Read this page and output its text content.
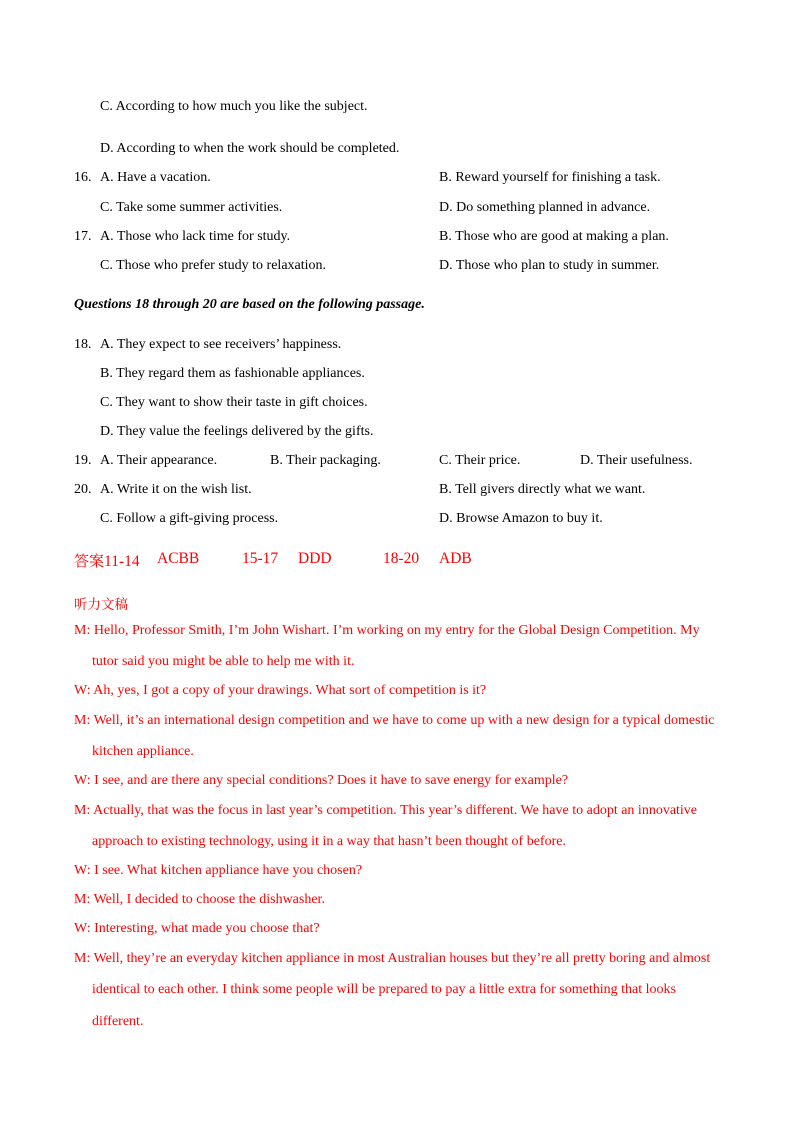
C. According to how much you like the subject.
D. According to when the work should be completed.
16. A. Have a vacation.	B. Reward yourself for finishing a task.
C. Take some summer activities.	D. Do something planned in advance.
17. A. Those who lack time for study.	B. Those who are good at making a plan.
C. Those who prefer study to relaxation.	D. Those who plan to study in summer.
Questions 18 through 20 are based on the following passage.
18. A. They expect to see receivers’ happiness.
B. They regard them as fashionable appliances.
C. They want to show their taste in gift choices.
D. They value the feelings delivered by the gifts.
19. A. Their appearance.	B. Their packaging.	C. Their price.	D. Their usefulness.
20. A. Write it on the wish list.	B. Tell givers directly what we want.
C. Follow a gift-giving process.	D. Browse Amazon to buy it.
答案11-14 ACBB	15-17 DDD	18-20 ADB
听力文稿

M: Hello, Professor Smith, I’m John Wishart. I’m working on my entry for the Global Design Competition. My

tutor said you might be able to help me with it.

W: Ah, yes, I got a copy of your drawings. What sort of competition is it?

M: Well, it’s an international design competition and we have to come up with a new design for a typical domestic

kitchen appliance.

W: I see, and are there any special conditions? Does it have to save energy for example?

M: Actually, that was the focus in last year’s competition. This year’s different. We have to adopt an innovative

approach to existing technology, using it in a way that hasn’t been thought of before.

W: I see. What kitchen appliance have you chosen?

M: Well, I decided to choose the dishwasher.

W: Interesting, what made you choose that?

M: Well, they’re an everyday kitchen appliance in most Australian houses but they’re all pretty boring and almost

identical to each other. I think some people will be prepared to pay a little extra for something that looks

different.
